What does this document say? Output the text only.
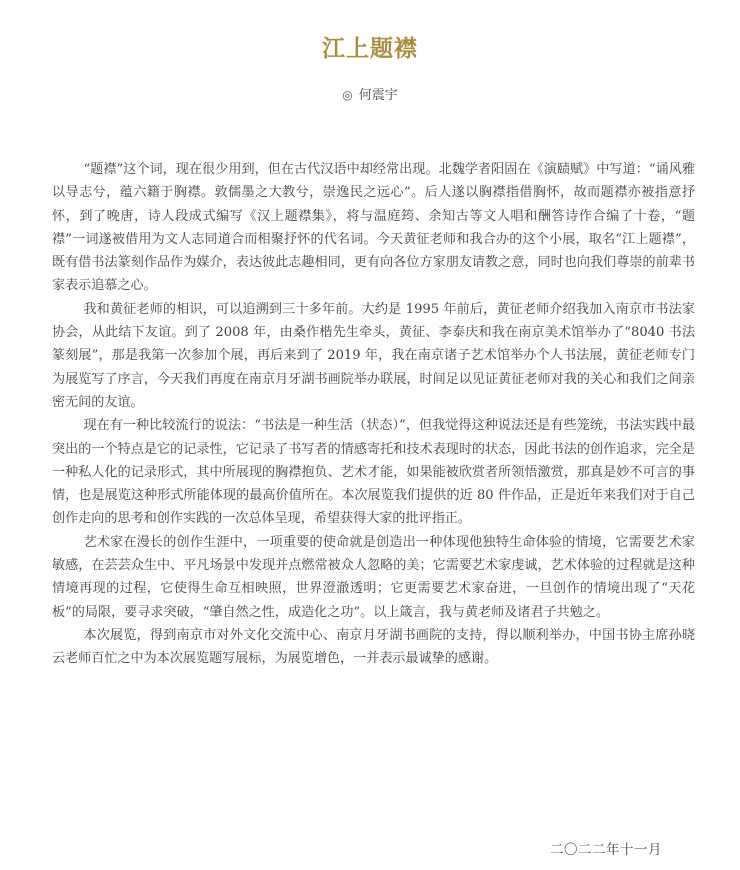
江上题襟
◎ 何震宇

“题襟”这个词，现在很少用到，但在古代汉语中却经常出现。北魏学者阳固在《演赜赋》中写道：“诵风雅以导志兮，蕴六籍于胸襟。敦儒墨之大教兮，崇逸民之远心”。后人遂以胸襟指借胸怀，故而题襟亦被指意抒怀，到了晚唐，诗人段成式编写《汉上题襟集》，将与温庭筠、余知古等文人唱和酬答诗作合编了十卷，“题襟”一词遂被借用为文人志同道合而相聚抒怀的代名词。今天黄征老师和我合办的这个小展，取名“江上题襟”，既有借书法篆刻作品作为媒介，表达彼此志趣相同，更有向各位方家朋友请教之意，同时也向我们尊崇的前辈书家表示追慕之心。

我和黄征老师的相识，可以追溯到三十多年前。大约是 1995 年前后，黄征老师介绍我加入南京市书法家协会，从此结下友谊。到了 2008 年，由桑作楷先生牵头，黄征、李泰庆和我在南京美术馆举办了“8040 书法篆刻展”，那是我第一次参加个展，再后来到了 2019 年，我在南京诸子艺术馆举办个人书法展，黄征老师专门为展览写了序言，今天我们再度在南京月牙湖书画院举办联展，时间足以见证黄征老师对我的关心和我们之间亲密无间的友谊。

现在有一种比较流行的说法：“书法是一种生活（状态）”，但我觉得这种说法还是有些笼统，书法实践中最突出的一个特点是它的记录性，它记录了书写者的情感寄托和技术表现时的状态，因此书法的创作追求，完全是一种私人化的记录形式，其中所展现的胸襟抱负、艺术才能，如果能被欣赏者所领悟激赏，那真是妙不可言的事情，也是展览这种形式所能体现的最高价值所在。本次展览我们提供的近 80 件作品，正是近年来我们对于自己创作走向的思考和创作实践的一次总体呈现，希望获得大家的批评指正。

艺术家在漫长的创作生涯中，一项重要的使命就是创造出一种体现他独特生命体验的情境，它需要艺术家敏感，在芸芸众生中、平凡场景中发现并点燃常被众人忽略的美；它需要艺术家虔诚，艺术体验的过程就是这种情境再现的过程，它使得生命互相映照，世界澄澈透明；它更需要艺术家奋进，一旦创作的情境出现了“天花板”的局限，要寻求突破，“肇自然之性，成造化之功”。以上箴言，我与黄老师及诸君子共勉之。

本次展览，得到南京市对外文化交流中心、南京月牙湖书画院的支持，得以顺利举办，中国书协主席孙晓云老师百忙之中为本次展览题写展标，为展览增色，一并表示最诚挚的感谢。

二〇二二年十一月
